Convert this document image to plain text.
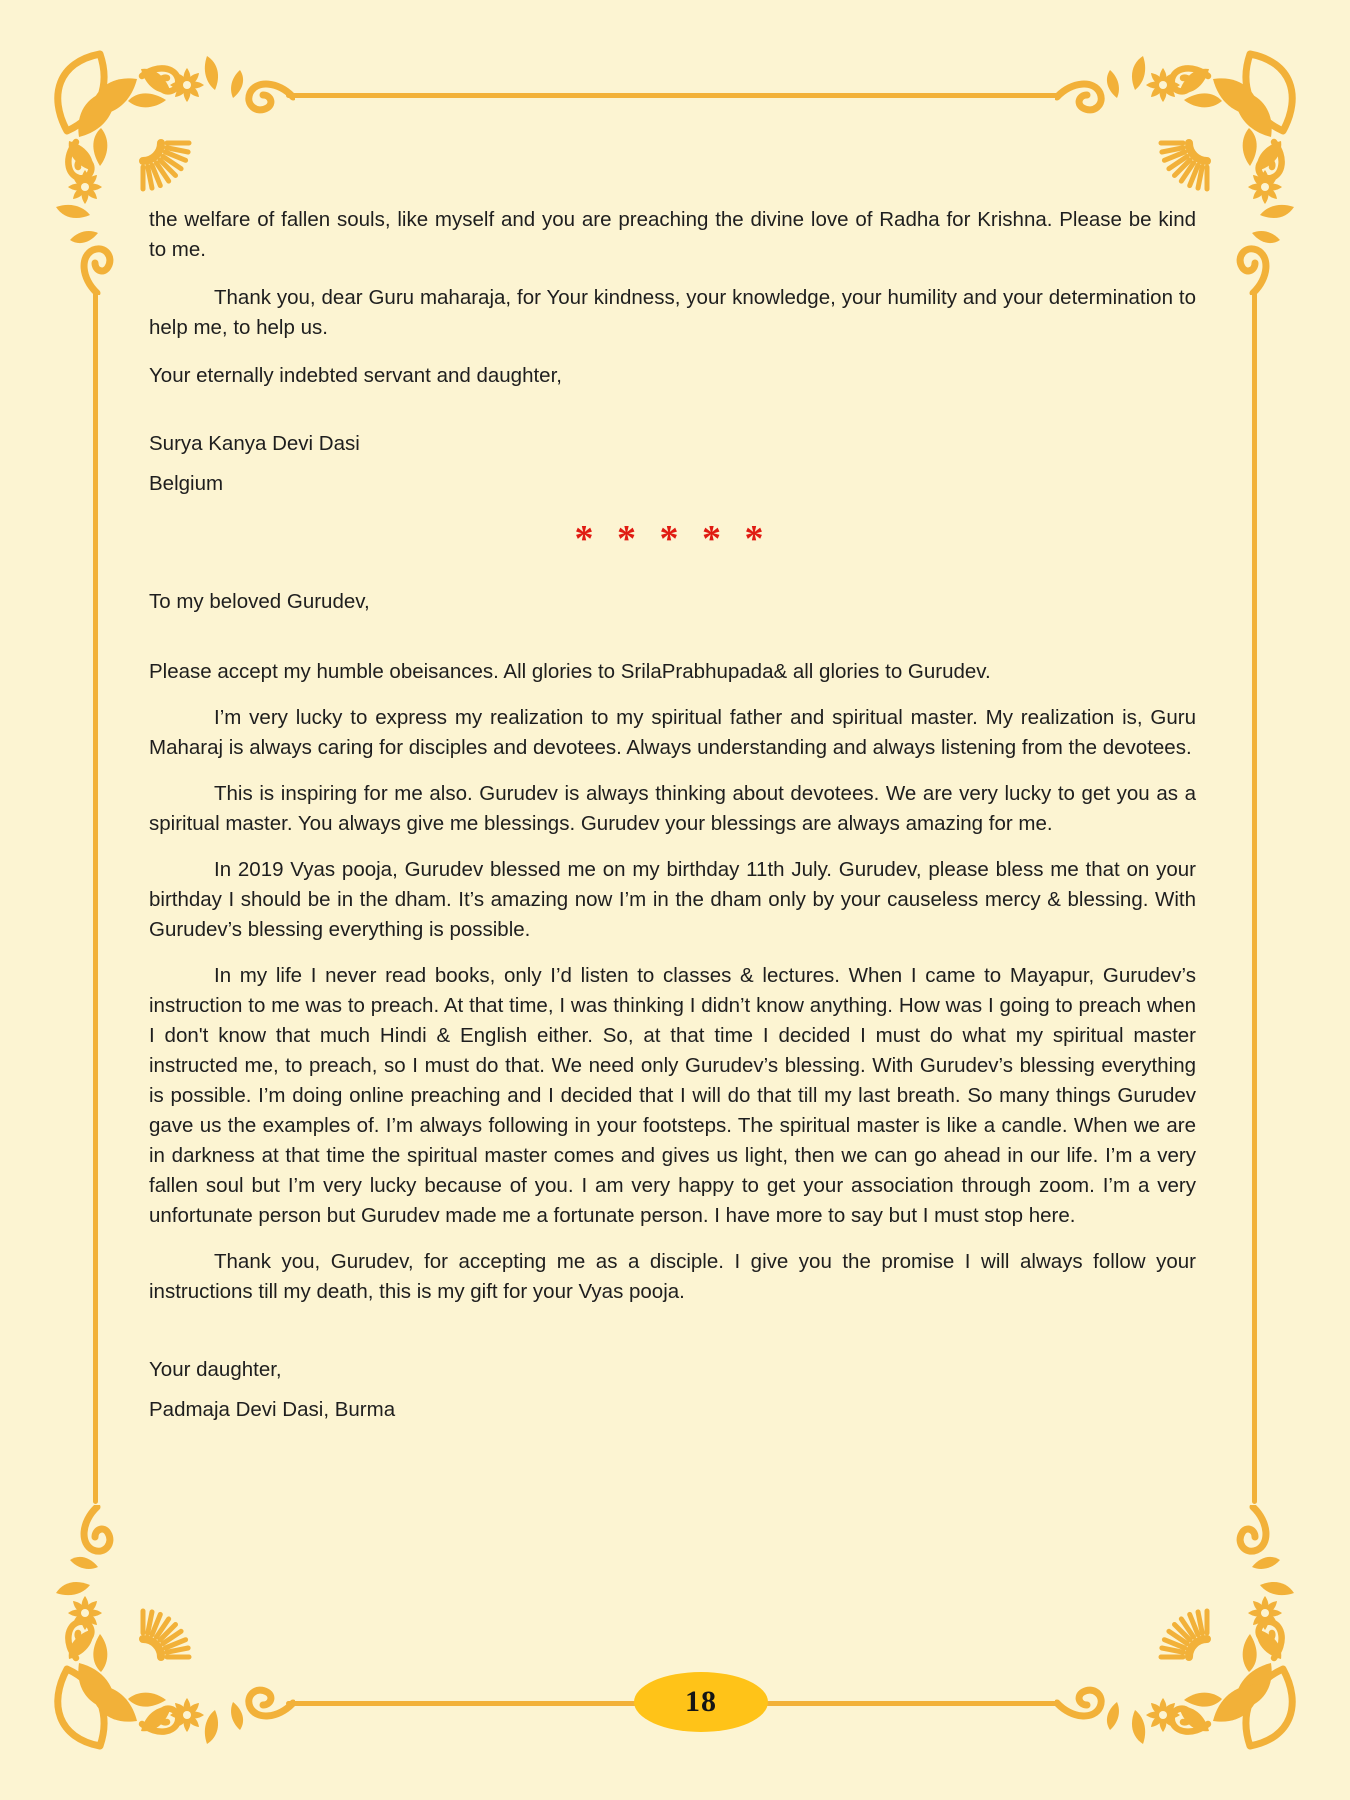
the welfare of fallen souls, like myself and you are preaching the divine love of Radha for Krishna. Please be kind to me.

Thank you, dear Guru maharaja, for Your kindness, your knowledge, your humility and your determination to help me, to help us.

Your eternally indebted servant and daughter,

Surya Kanya Devi Dasi

Belgium

* * * * *

To my beloved Gurudev,

Please accept my humble obeisances. All glories to SrilaPrabhupada& all glories to Gurudev.

I’m very lucky to express my realization to my spiritual father and spiritual master. My realization is, Guru Maharaj is always caring for disciples and devotees. Always understanding and always listening from the devotees.

This is inspiring for me also. Gurudev is always thinking about devotees. We are very lucky to get you as a spiritual master. You always give me blessings. Gurudev your blessings are always amazing for me.

In 2019 Vyas pooja, Gurudev blessed me on my birthday 11th July. Gurudev, please bless me that on your birthday I should be in the dham. It’s amazing now I’m in the dham only by your causeless mercy & blessing. With Gurudev’s blessing everything is possible.

In my life I never read books, only I’d listen to classes & lectures. When I came to Mayapur, Gurudev’s instruction to me was to preach. At that time, I was thinking I didn’t know anything. How was I going to preach when I don't know that much Hindi & English either. So, at that time I decided I must do what my spiritual master instructed me, to preach, so I must do that. We need only Gurudev’s blessing. With Gurudev’s blessing everything is possible. I’m doing online preaching and I decided that I will do that till my last breath. So many things Gurudev gave us the examples of. I’m always following in your footsteps. The spiritual master is like a candle. When we are in darkness at that time the spiritual master comes and gives us light, then we can go ahead in our life. I’m a very fallen soul but I’m very lucky because of you. I am very happy to get your association through zoom. I’m a very unfortunate person but Gurudev made me a fortunate person. I have more to say but I must stop here.

Thank you, Gurudev, for accepting me as a disciple. I give you the promise I will always follow your instructions till my death, this is my gift for your Vyas pooja.

Your daughter,

Padmaja Devi Dasi, Burma

18
